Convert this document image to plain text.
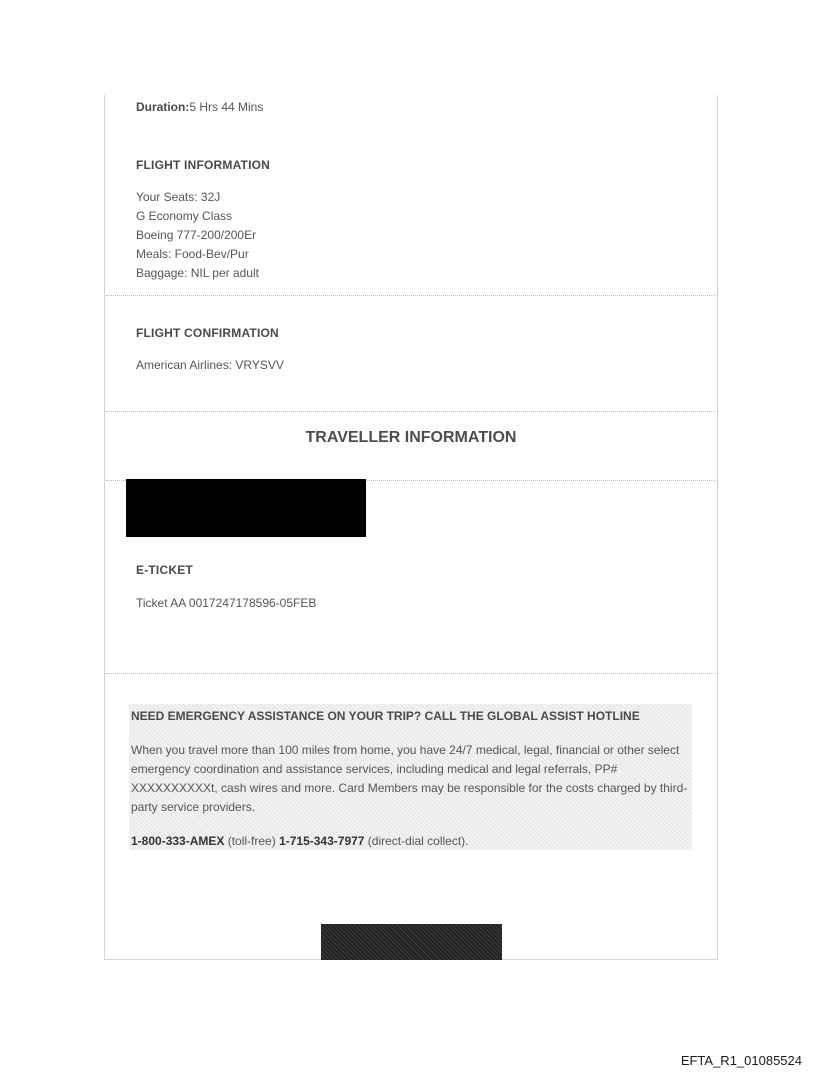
Duration:5 Hrs 44 Mins
FLIGHT INFORMATION
Your Seats: 32J
G Economy Class
Boeing 777-200/200Er
Meals: Food-Bev/Pur
Baggage: NIL per adult
FLIGHT CONFIRMATION
American Airlines: VRYSVV
TRAVELLER INFORMATION
E-TICKET
Ticket AA 0017247178596-05FEB
NEED EMERGENCY ASSISTANCE ON YOUR TRIP? CALL THE GLOBAL ASSIST HOTLINE
When you travel more than 100 miles from home, you have 24/7 medical, legal, financial or other select emergency coordination and assistance services, including medical and legal referrals, PP# XXXXXXXXXXt, cash wires and more. Card Members may be responsible for the costs charged by third-party service providers.
1-800-333-AMEX (toll-free) 1-715-343-7977 (direct-dial collect).
EFTA_R1_01085524
